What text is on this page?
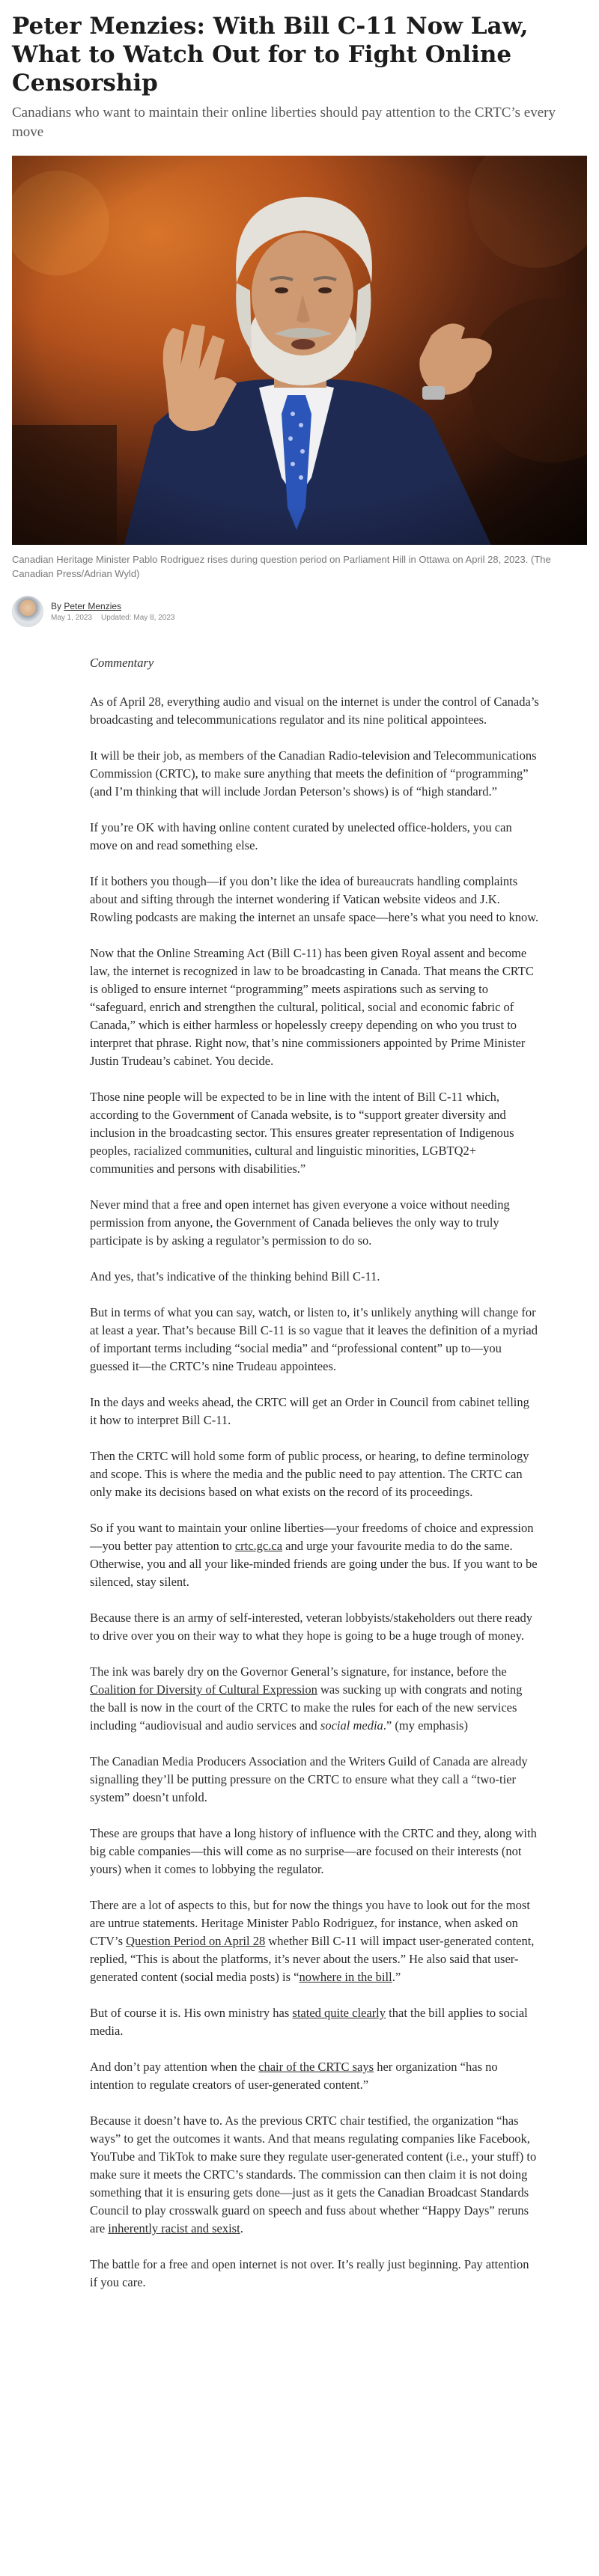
Peter Menzies: With Bill C-11 Now Law, What to Watch Out for to Fight Online Censorship
Canadians who want to maintain their online liberties should pay attention to the CRTC’s every move

Canadian Heritage Minister Pablo Rodriguez rises during question period on Parliament Hill in Ottawa on April 28, 2023. (The Canadian Press/Adrian Wyld)

By Peter Menzies
May 1, 2023 Updated: May 8, 2023
Commentary

As of April 28, everything audio and visual on the internet is under the control of Canada’s broadcasting and telecommunications regulator and its nine political appointees.

It will be their job, as members of the Canadian Radio-television and Telecommunications Commission (CRTC), to make sure anything that meets the definition of “programming” (and I’m thinking that will include Jordan Peterson’s shows) is of “high standard.”

If you’re OK with having online content curated by unelected office-holders, you can move on and read something else.

If it bothers you though—if you don’t like the idea of bureaucrats handling complaints about and sifting through the internet wondering if Vatican website videos and J.K. Rowling podcasts are making the internet an unsafe space—here’s what you need to know.

Now that the Online Streaming Act (Bill C-11) has been given Royal assent and become law, the internet is recognized in law to be broadcasting in Canada. That means the CRTC is obliged to ensure internet “programming” meets aspirations such as serving to “safeguard, enrich and strengthen the cultural, political, social and economic fabric of Canada,” which is either harmless or hopelessly creepy depending on who you trust to interpret that phrase. Right now, that’s nine commissioners appointed by Prime Minister Justin Trudeau’s cabinet. You decide.

Those nine people will be expected to be in line with the intent of Bill C-11 which, according to the Government of Canada website, is to “support greater diversity and inclusion in the broadcasting sector. This ensures greater representation of Indigenous peoples, racialized communities, cultural and linguistic minorities, LGBTQ2+ communities and persons with disabilities.”

Never mind that a free and open internet has given everyone a voice without needing permission from anyone, the Government of Canada believes the only way to truly participate is by asking a regulator’s permission to do so.

And yes, that’s indicative of the thinking behind Bill C-11.

But in terms of what you can say, watch, or listen to, it’s unlikely anything will change for at least a year. That’s because Bill C-11 is so vague that it leaves the definition of a myriad of important terms including “social media” and “professional content” up to—you guessed it—the CRTC’s nine Trudeau appointees.

In the days and weeks ahead, the CRTC will get an Order in Council from cabinet telling it how to interpret Bill C-11.

Then the CRTC will hold some form of public process, or hearing, to define terminology and scope. This is where the media and the public need to pay attention. The CRTC can only make its decisions based on what exists on the record of its proceedings.

So if you want to maintain your online liberties—your freedoms of choice and expression—you better pay attention to crtc.gc.ca and urge your favourite media to do the same. Otherwise, you and all your like-minded friends are going under the bus. If you want to be silenced, stay silent.

Because there is an army of self-interested, veteran lobbyists/stakeholders out there ready to drive over you on their way to what they hope is going to be a huge trough of money.

The ink was barely dry on the Governor General’s signature, for instance, before the Coalition for Diversity of Cultural Expression was sucking up with congrats and noting the ball is now in the court of the CRTC to make the rules for each of the new services including “audiovisual and audio services and social media.” (my emphasis)

The Canadian Media Producers Association and the Writers Guild of Canada are already signalling they’ll be putting pressure on the CRTC to ensure what they call a “two-tier system” doesn’t unfold.

These are groups that have a long history of influence with the CRTC and they, along with big cable companies—this will come as no surprise—are focused on their interests (not yours) when it comes to lobbying the regulator.

There are a lot of aspects to this, but for now the things you have to look out for the most are untrue statements. Heritage Minister Pablo Rodriguez, for instance, when asked on CTV’s Question Period on April 28 whether Bill C-11 will impact user-generated content, replied, “This is about the platforms, it’s never about the users.” He also said that user-generated content (social media posts) is “nowhere in the bill.”

But of course it is. His own ministry has stated quite clearly that the bill applies to social media.

And don’t pay attention when the chair of the CRTC says her organization “has no intention to regulate creators of user-generated content.”

Because it doesn’t have to. As the previous CRTC chair testified, the organization “has ways” to get the outcomes it wants. And that means regulating companies like Facebook, YouTube and TikTok to make sure they regulate user-generated content (i.e., your stuff) to make sure it meets the CRTC’s standards. The commission can then claim it is not doing something that it is ensuring gets done—just as it gets the Canadian Broadcast Standards Council to play crosswalk guard on speech and fuss about whether “Happy Days” reruns are inherently racist and sexist.

The battle for a free and open internet is not over. It’s really just beginning. Pay attention if you care.
